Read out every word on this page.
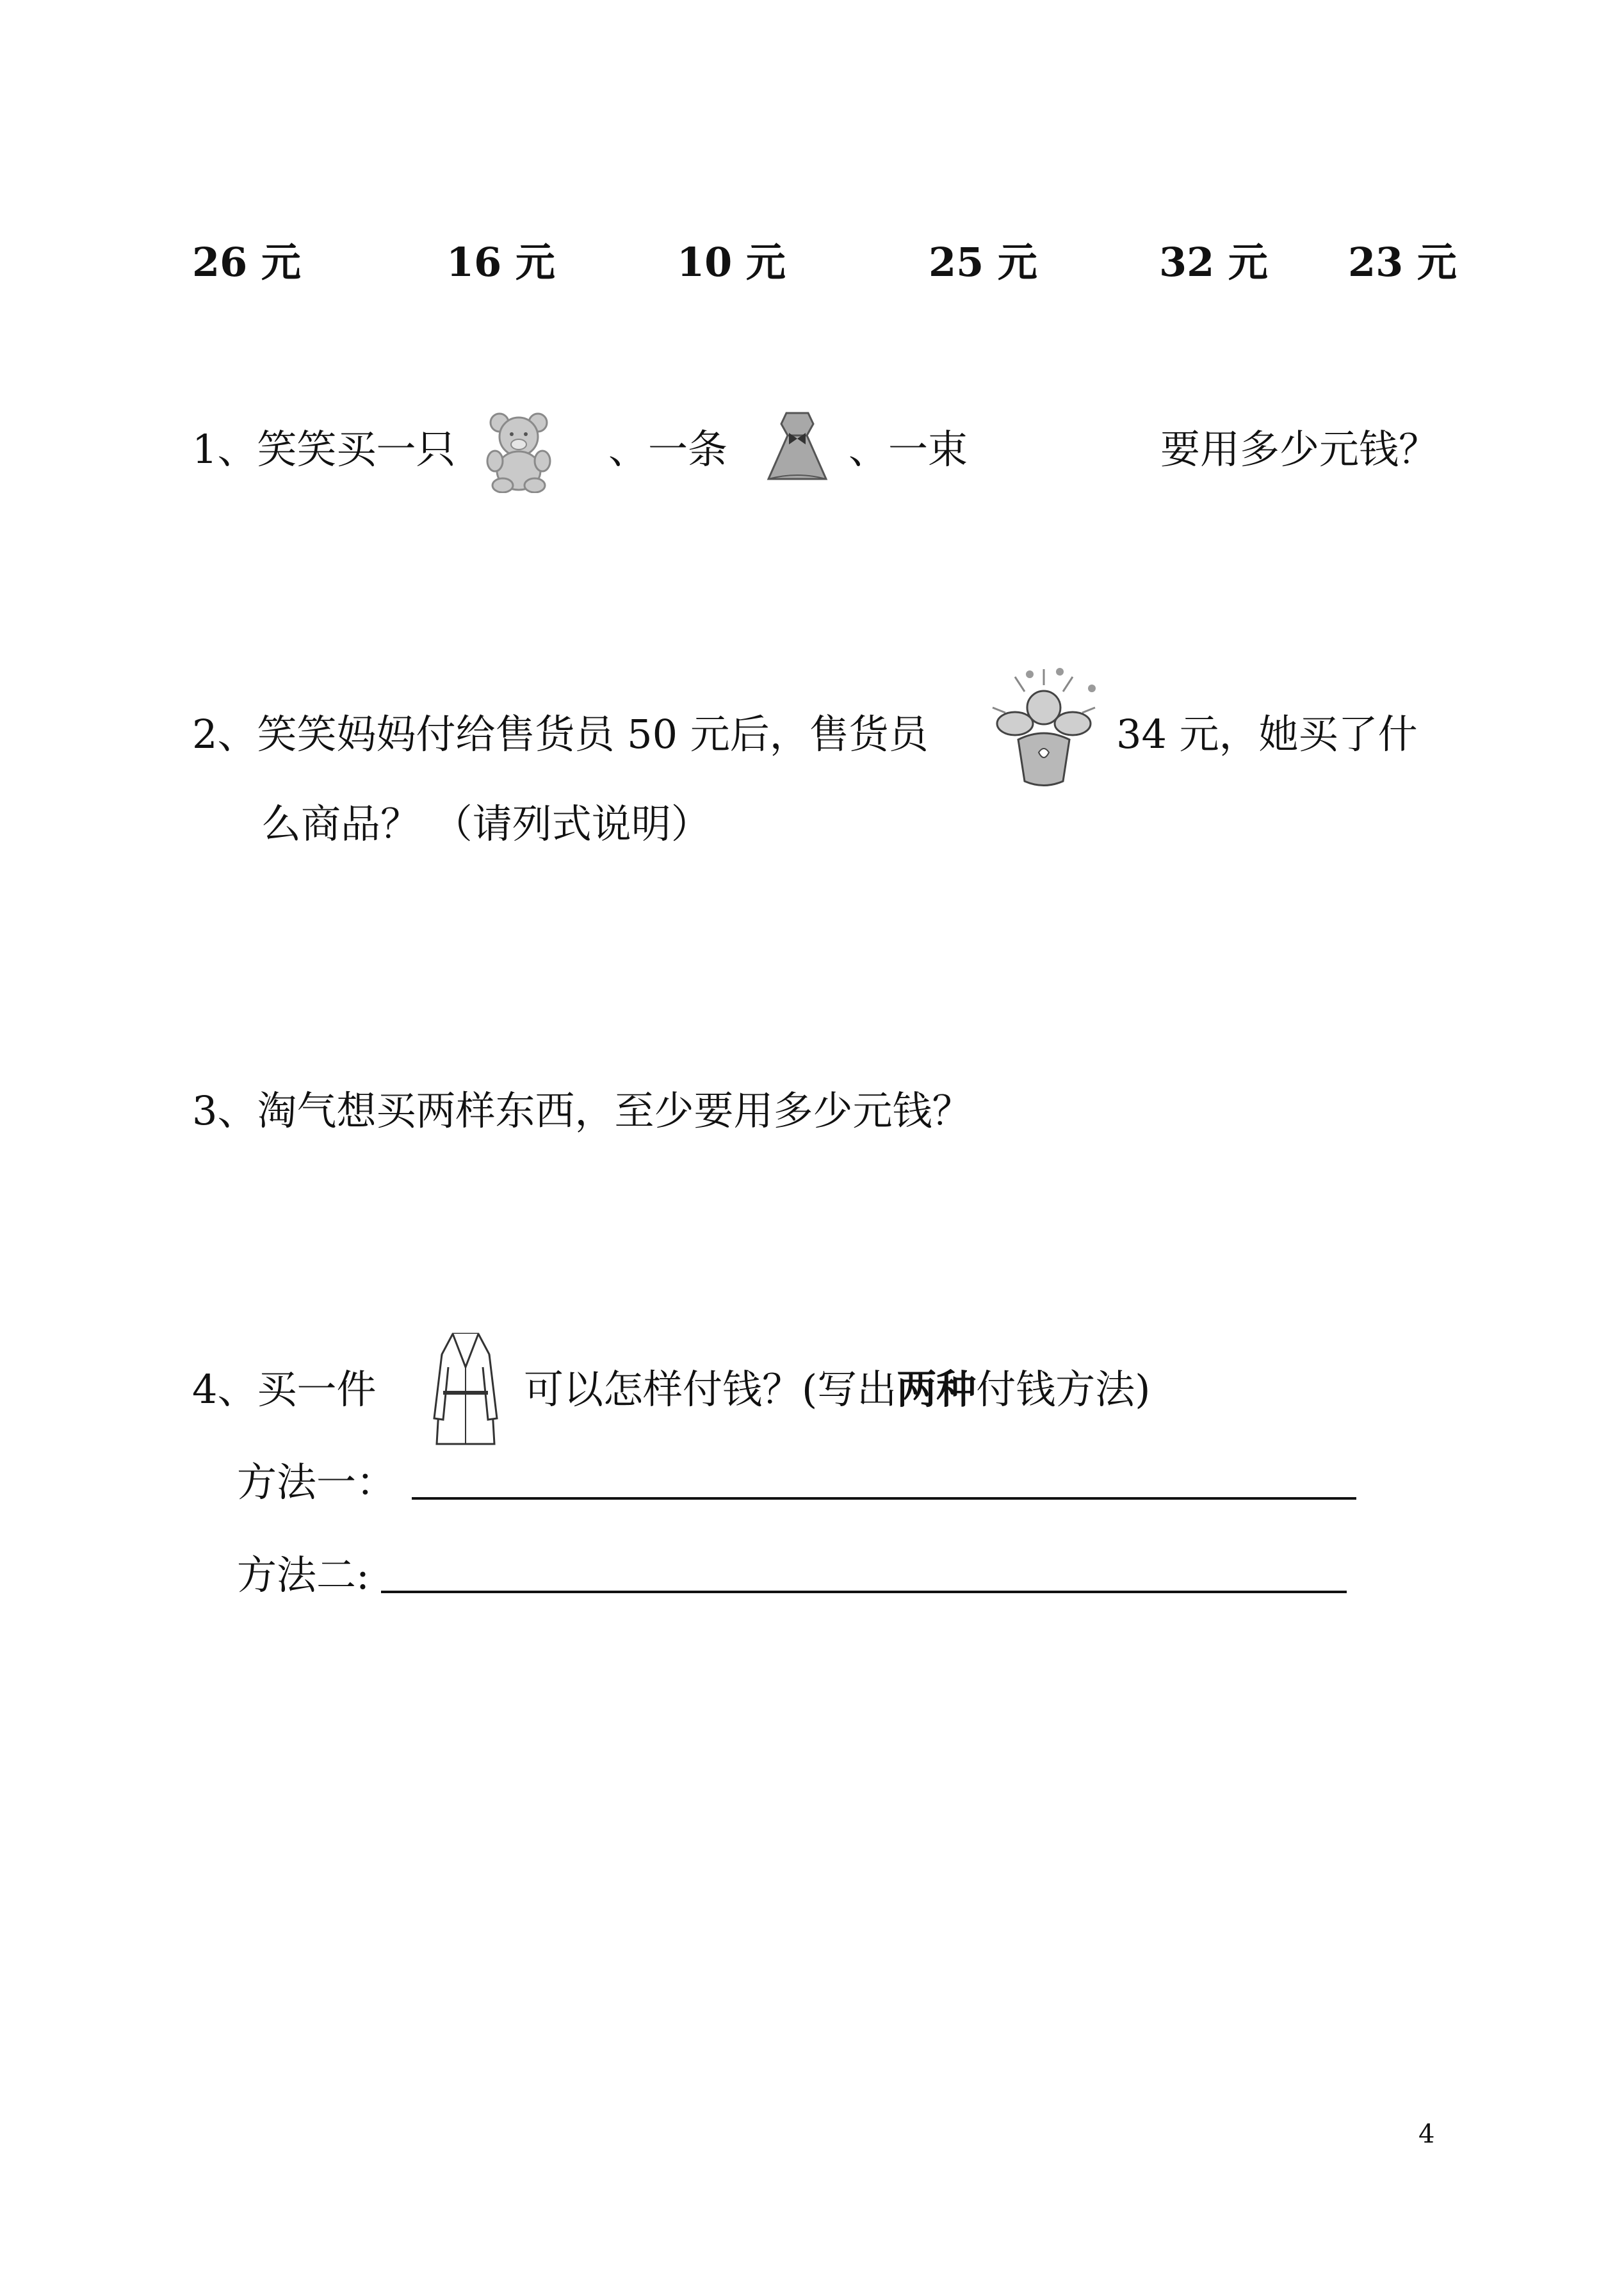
26 元	16 元	10 元	25 元	32 元 23 元
1、笑笑买一只	、一条	、一束	要用多少元钱？
2、笑笑妈妈付给售货员 50 元后，售货员	34 元，她买了什
么商品？ （请列式说明）
3、淘气想买两样东西，至少要用多少元钱？
4、买一件	可以怎样付钱？(写出两种付钱方法)
方法一：
方法二:
4
